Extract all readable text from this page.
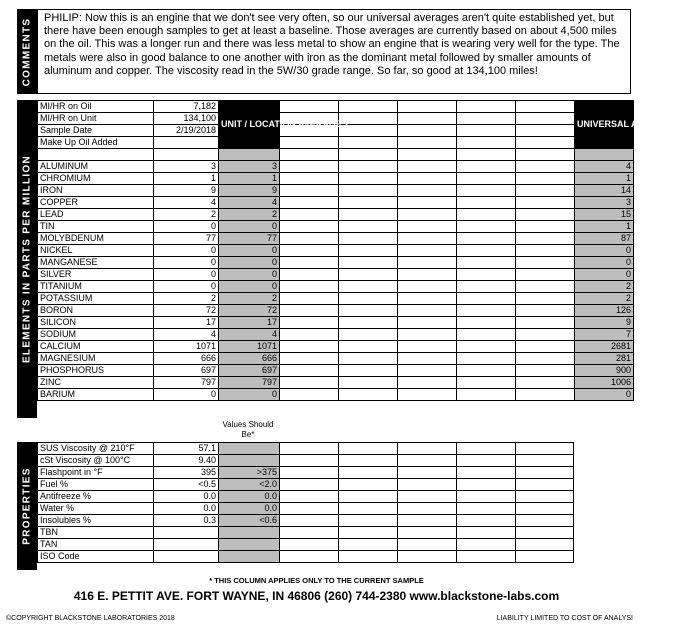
COMMENTS PHILIP: Now this is an engine that we don't see very often, so our universal averages aren't quite established yet, but there have been enough samples to get at least a baseline. Those averages are currently based on about 4,500 miles on the oil. This was a longer run and there was less metal to show an engine that is wearing very well for the type. The metals were also in good balance to one another with iron as the dominant metal followed by smaller amounts of aluminum and copper. The viscosity read in the 5W/30 grade range. So far, so good at 134,100 miles!
ELEMENTS IN PARTS PER MILLION
MI/HR on Oil	7,182	UNIT / LOCATION AVERAGES						UNIVERSAL AVERAGES
MI/HR on Unit	134,100							
Sample Date	2/19/2018							
Make Up Oil Added								

ALUMINUM	3	3						4
CHROMIUM	1	1						1
IRON	9	9						14
COPPER	4	4						3
LEAD	2	2						15
TIN	0	0						1
MOLYBDENUM	77	77						87
NICKEL	0	0						0
MANGANESE	0	0						0
SILVER	0	0						0
TITANIUM	0	0						2
POTASSIUM	2	2						2
BORON	72	72						126
SILICON	17	17						9
SODIUM	4	4						7
CALCIUM	1071	1071						2681
MAGNESIUM	666	666						281
PHOSPHORUS	697	697						900
ZINC	797	797						1006
BARIUM	0	0						0
Values Should Be*
PROPERTIES
SUS Viscosity @ 210°F	57.1						
cSt Viscosity @ 100°C	9.40						
Flashpoint in °F	395	>375					
Fuel %	<0.5	<2.0					
Antifreeze %	0.0	0.0					
Water %	0.0	0.0					
Insolubles %	0.3	<0.6					
TBN							
TAN							
ISO Code							
* THIS COLUMN APPLIES ONLY TO THE CURRENT SAMPLE
416 E. PETTIT AVE. FORT WAYNE, IN 46806 (260) 744-2380 www.blackstone-labs.com
©COPYRIGHT BLACKSTONE LABORATORIES 2018	LIABILITY LIMITED TO COST OF ANALYSI
